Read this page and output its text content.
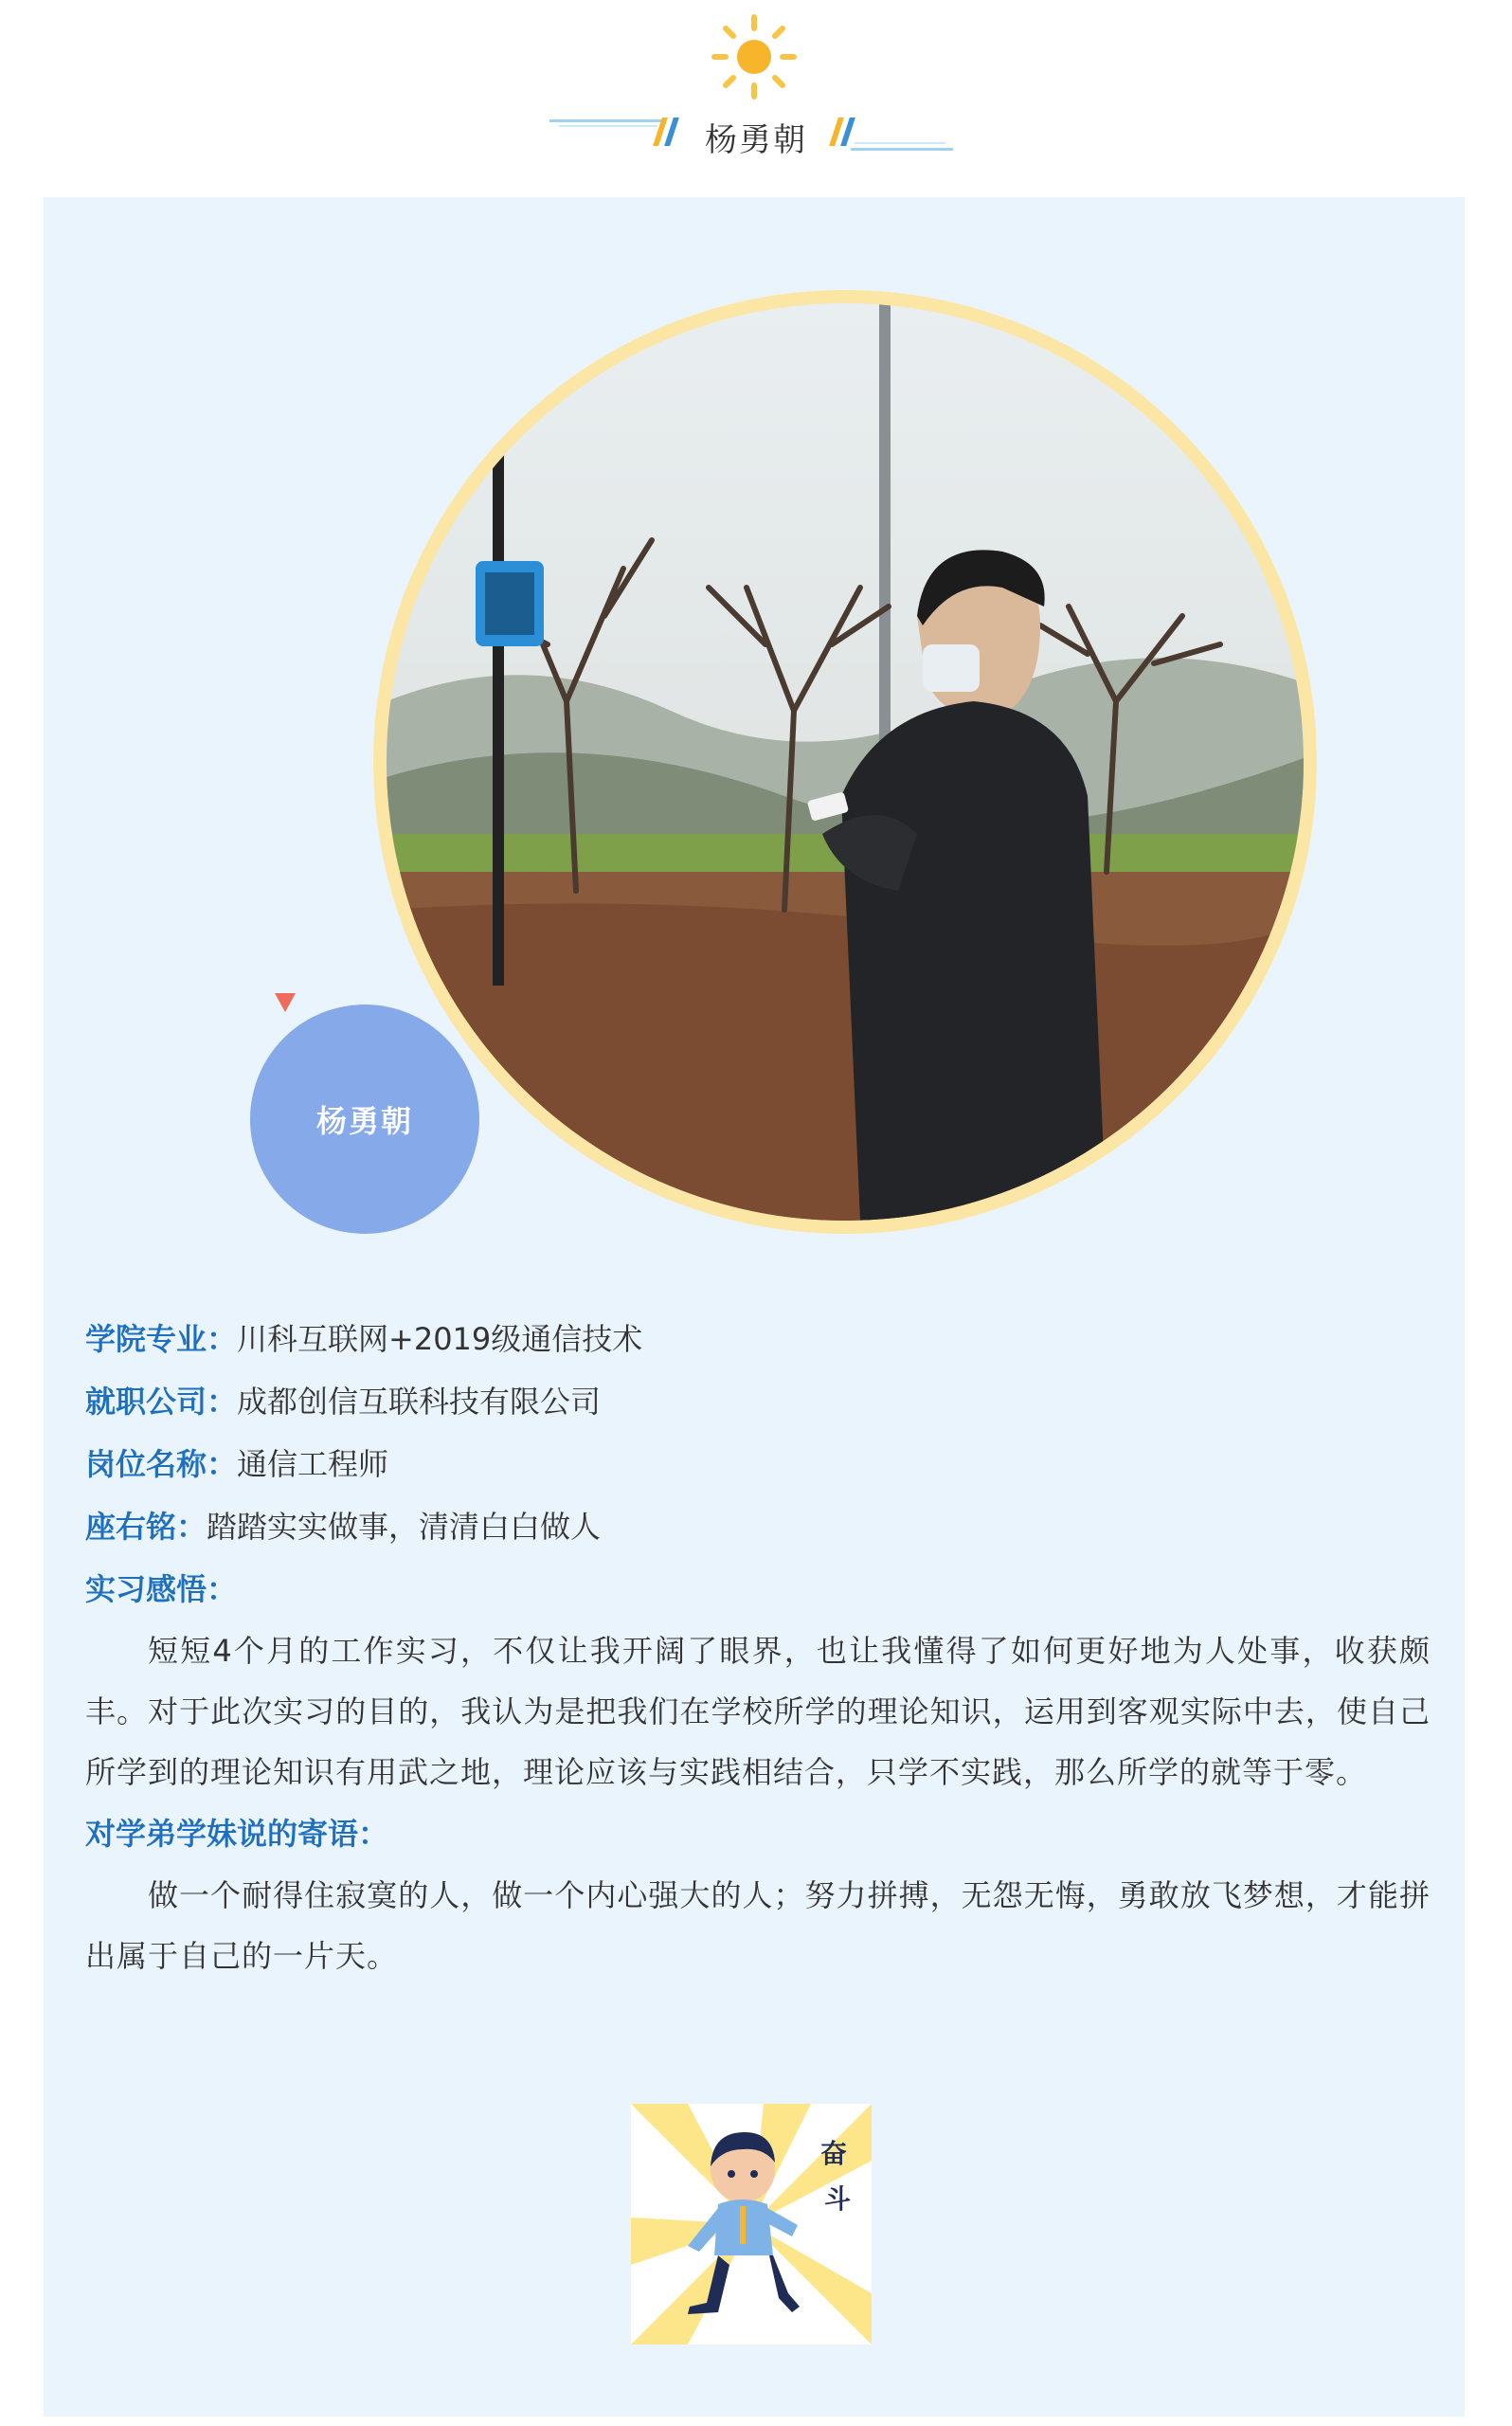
杨勇朝
杨勇朝
学院专业：川科互联网+2019级通信技术
就职公司：成都创信互联科技有限公司
岗位名称：通信工程师
座右铭：踏踏实实做事，清清白白做人
实习感悟：

短短4个月的工作实习，不仅让我开阔了眼界，也让我懂得了如何更好地为人处事，收获颇丰。对于此次实习的目的，我认为是把我们在学校所学的理论知识，运用到客观实际中去，使自己所学到的理论知识有用武之地，理论应该与实践相结合，只学不实践，那么所学的就等于零。

对学弟学妹说的寄语：

做一个耐得住寂寞的人，做一个内心强大的人；努力拼搏，无怨无悔，勇敢放飞梦想，才能拼出属于自己的一片天。

奋
斗
